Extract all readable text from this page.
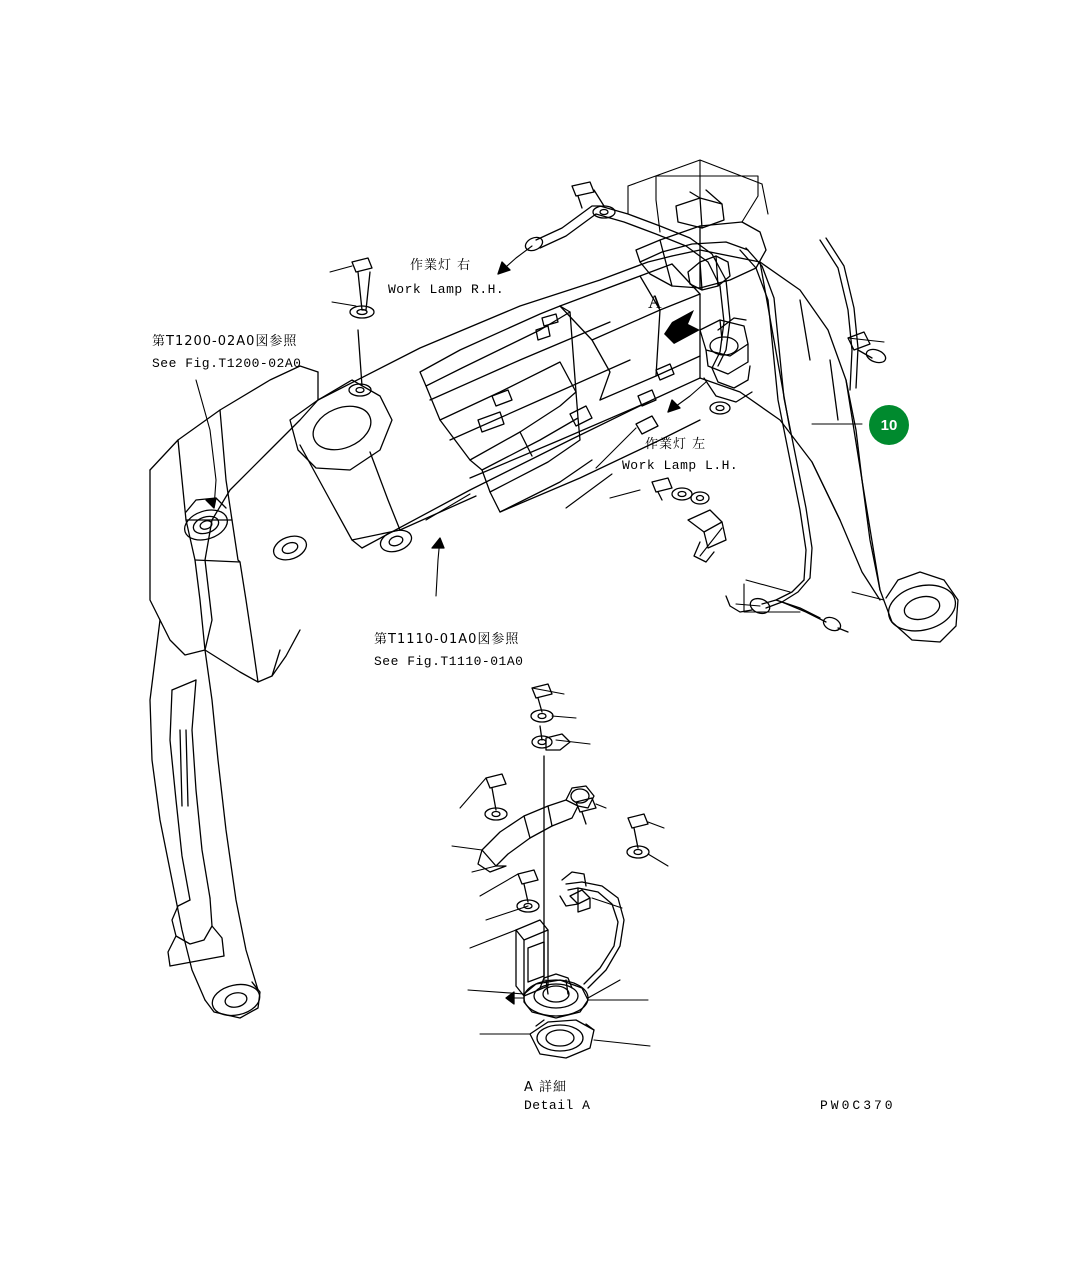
作業灯 右
Work Lamp R.H.
作業灯 左
Work Lamp L.H.
第T1200-02A0図参照
See Fig.T1200-02A0
第T1110-01A0図参照
See Fig.T1110-01A0
A 詳細
Detail A
A
10
PW0C370
